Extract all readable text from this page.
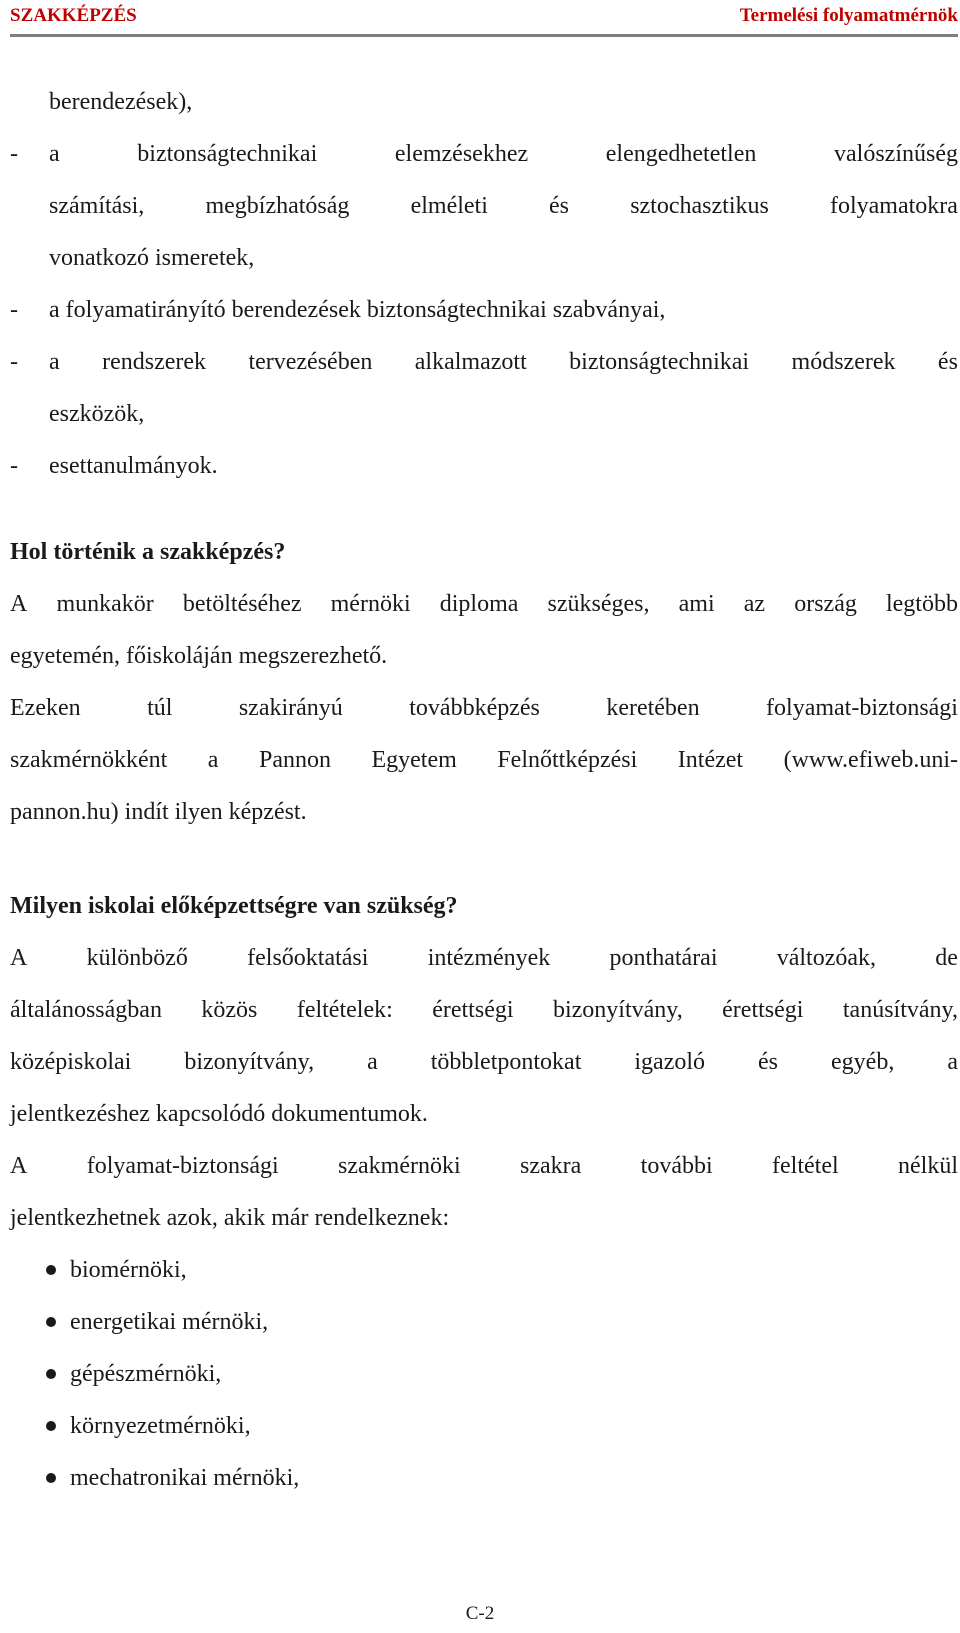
SZAKKÉPZÉS	Termelési folyamatmérnök
berendezések),
- a	biztonságtechnikai	elemzésekhez	elengedhetetlen	valószínűség
számítási,	megbízhatóság	elméleti	és	sztochasztikus	folyamatokra
vonatkozó ismeretek,
-	a folyamatirányító berendezések biztonságtechnikai szabványai,
- a rendszerek tervezésében alkalmazott biztonságtechnikai módszerek és
eszközök,
-	esettanulmányok.
Hol történik a szakképzés?
A munkakör betöltéséhez mérnöki diploma szükséges, ami az ország legtöbb
egyetemén, főiskoláján megszerezhető.
Ezeken	túl	szakirányú	továbbképzés	keretében	folyamat-biztonsági
szakmérnökként a Pannon Egyetem Felnőttképzési Intézet (www.efiweb.uni-
pannon.hu) indít ilyen képzést.
Milyen iskolai előképzettségre van szükség?
A különböző felsőoktatási intézmények ponthatárai változóak, de
általánosságban közös feltételek: érettségi bizonyítvány, érettségi tanúsítvány,
középiskolai bizonyítvány, a többletpontokat igazoló és egyéb, a
jelentkezéshez kapcsolódó dokumentumok.
A folyamat-biztonsági szakmérnöki szakra további feltétel nélkül
jelentkezhetnek azok, akik már rendelkeznek:
biomérnöki,
energetikai mérnöki,
gépészmérnöki,
környezetmérnöki,
mechatronikai mérnöki,
C-2
